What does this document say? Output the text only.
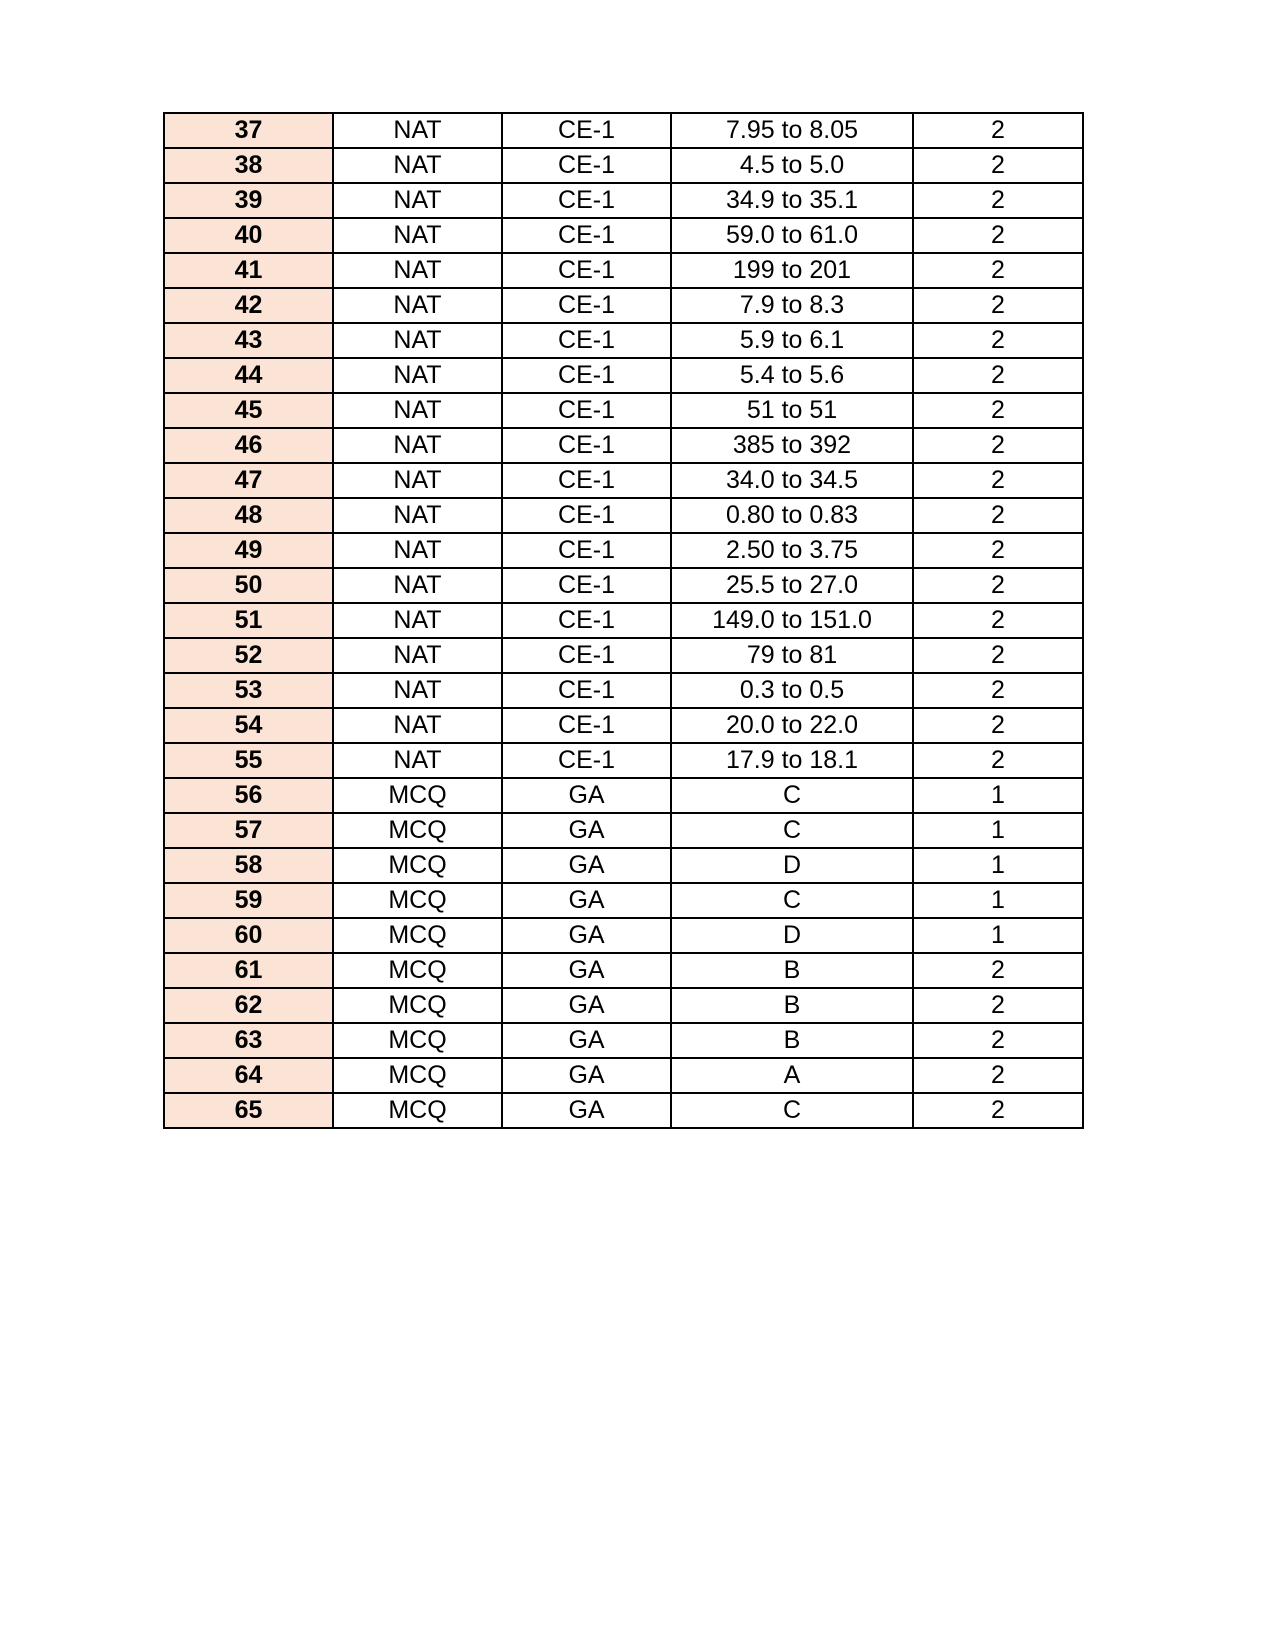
37	NAT	CE-1	7.95 to 8.05	2
38	NAT	CE-1	4.5 to 5.0	2
39	NAT	CE-1	34.9 to 35.1	2
40	NAT	CE-1	59.0 to 61.0	2
41	NAT	CE-1	199 to 201	2
42	NAT	CE-1	7.9 to 8.3	2
43	NAT	CE-1	5.9 to 6.1	2
44	NAT	CE-1	5.4 to 5.6	2
45	NAT	CE-1	51 to 51	2
46	NAT	CE-1	385 to 392	2
47	NAT	CE-1	34.0 to 34.5	2
48	NAT	CE-1	0.80 to 0.83	2
49	NAT	CE-1	2.50 to 3.75	2
50	NAT	CE-1	25.5 to 27.0	2
51	NAT	CE-1	149.0 to 151.0	2
52	NAT	CE-1	79 to 81	2
53	NAT	CE-1	0.3 to 0.5	2
54	NAT	CE-1	20.0 to 22.0	2
55	NAT	CE-1	17.9 to 18.1	2
56	MCQ	GA	C	1
57	MCQ	GA	C	1
58	MCQ	GA	D	1
59	MCQ	GA	C	1
60	MCQ	GA	D	1
61	MCQ	GA	B	2
62	MCQ	GA	B	2
63	MCQ	GA	B	2
64	MCQ	GA	A	2
65	MCQ	GA	C	2
